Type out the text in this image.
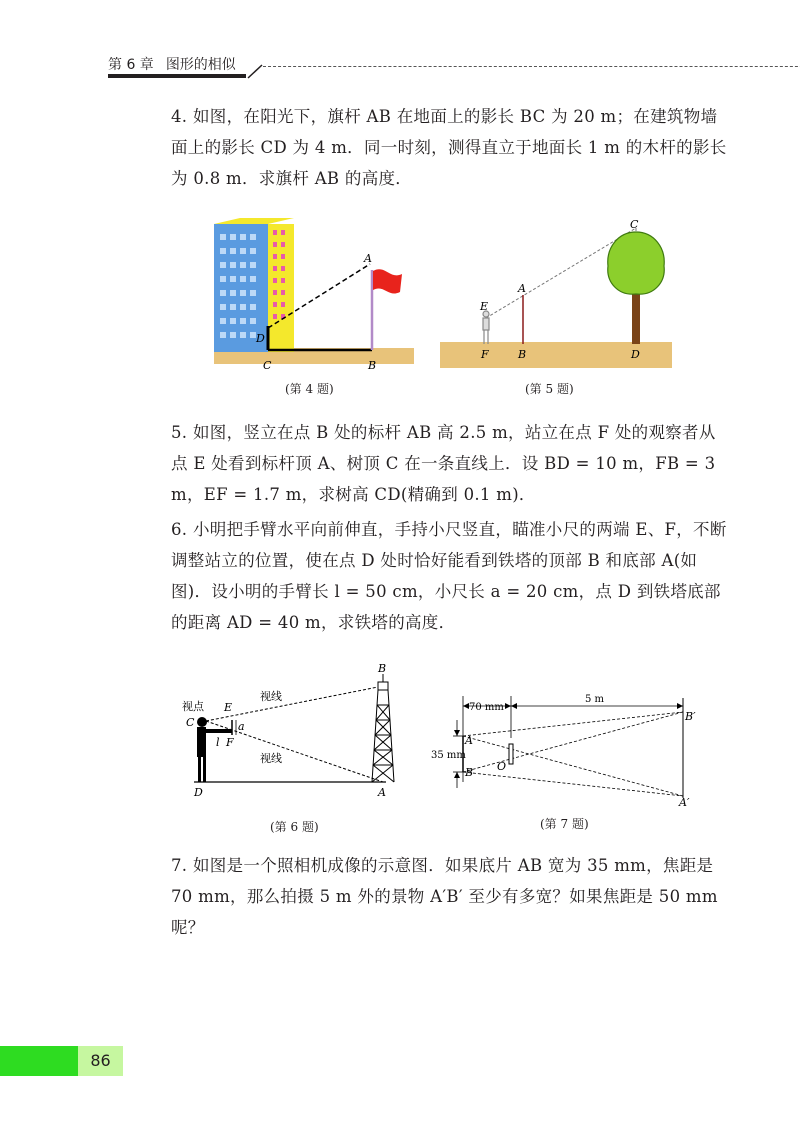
第 6 章 图形的相似

4. 如图，在阳光下，旗杆 AB 在地面上的影长 BC 为 20 m；在建筑物墙面上的影长 CD 为 4 m．同一时刻，测得直立于地面长 1 m 的木杆的影长为 0.8 m．求旗杆 AB 的高度．

A
D
C	B
(第 4 题)
C
A
E
F	B	D
(第 5 题)

5. 如图，竖立在点 B 处的标杆 AB 高 2.5 m，站立在点 F 处的观察者从点 E 处看到标杆顶 A、树顶 C 在一条直线上．设 BD = 10 m，FB = 3 m，EF = 1.7 m，求树高 CD(精确到 0.1 m)．

6. 小明把手臂水平向前伸直，手持小尺竖直，瞄准小尺的两端 E、F，不断调整站立的位置，使在点 D 处时恰好能看到铁塔的顶部 B 和底部 A(如图)．设小明的手臂长 l = 50 cm，小尺长 a = 20 cm，点 D 到铁塔底部的距离 AD = 40 m，求铁塔的高度．

B
视点 E
视线
C	a
l F
视线
D	A
(第 6 题)
70 mm
5 m
35 mm
A
B O
B′
A′
(第 7 题)

7. 如图是一个照相机成像的示意图．如果底片 AB 宽为 35 mm，焦距是 70 mm，那么拍摄 5 m 外的景物 A′B′ 至少有多宽？如果焦距是 50 mm 呢？

86
